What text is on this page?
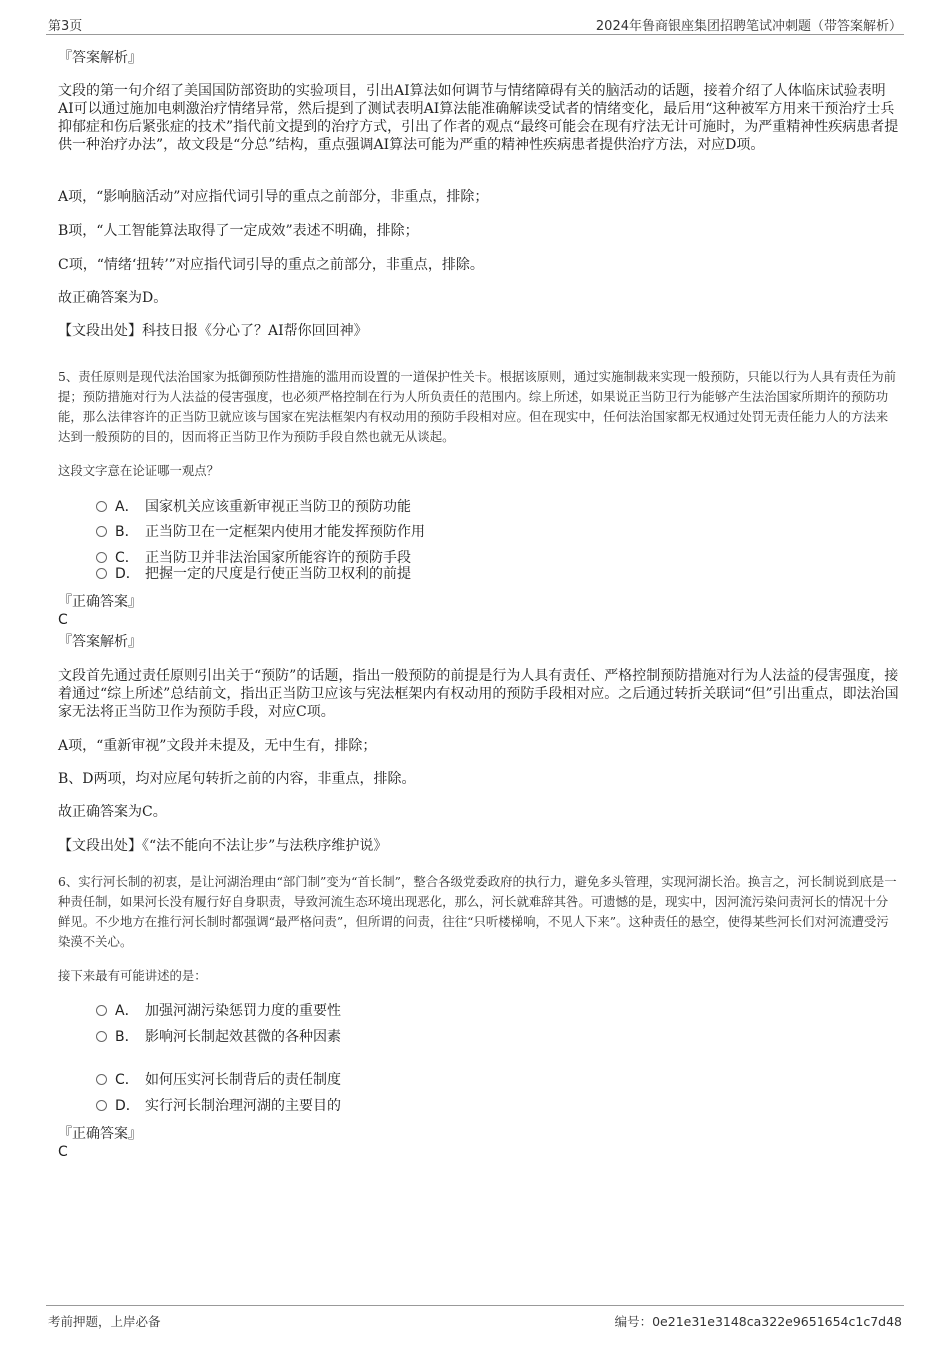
第3页	2024年鲁商银座集团招聘笔试冲刺题（带答案解析）

『答案解析』

文段的第一句介绍了美国国防部资助的实验项目，引出AI算法如何调节与情绪障碍有关的脑活动的话题，接着介绍了人体临床试验表明AI可以通过施加电刺激治疗情绪异常，然后提到了测试表明AI算法能准确解读受试者的情绪变化，最后用“这种被军方用来干预治疗士兵抑郁症和伤后紧张症的技术”指代前文提到的治疗方式，引出了作者的观点“最终可能会在现有疗法无计可施时，为严重精神性疾病患者提供一种治疗办法”，故文段是“分总”结构，重点强调AI算法可能为严重的精神性疾病患者提供治疗方法，对应D项。

A项，“影响脑活动”对应指代词引导的重点之前部分，非重点，排除；

B项，“人工智能算法取得了一定成效”表述不明确，排除；

C项，“情绪‘扭转’”对应指代词引导的重点之前部分，非重点，排除。

故正确答案为D。

【文段出处】科技日报《分心了？AI帮你回回神》

5、责任原则是现代法治国家为抵御预防性措施的滥用而设置的一道保护性关卡。根据该原则，通过实施制裁来实现一般预防，只能以行为人具有责任为前提；预防措施对行为人法益的侵害强度，也必须严格控制在行为人所负责任的范围内。综上所述，如果说正当防卫行为能够产生法治国家所期许的预防功能，那么法律容许的正当防卫就应该与国家在宪法框架内有权动用的预防手段相对应。但在现实中，任何法治国家都无权通过处罚无责任能力人的方法来达到一般预防的目的，因而将正当防卫作为预防手段自然也就无从谈起。

这段文字意在论证哪一观点？

A． 国家机关应该重新审视正当防卫的预防功能
B． 正当防卫在一定框架内使用才能发挥预防作用
C． 正当防卫并非法治国家所能容许的预防手段
D． 把握一定的尺度是行使正当防卫权利的前提

『正确答案』

C

『答案解析』

文段首先通过责任原则引出关于“预防”的话题，指出一般预防的前提是行为人具有责任、严格控制预防措施对行为人法益的侵害强度，接着通过“综上所述”总结前文，指出正当防卫应该与宪法框架内有权动用的预防手段相对应。之后通过转折关联词“但”引出重点，即法治国家无法将正当防卫作为预防手段，对应C项。

A项，“重新审视”文段并未提及，无中生有，排除；

B、D两项，均对应尾句转折之前的内容，非重点，排除。

故正确答案为C。

【文段出处】《“法不能向不法让步”与法秩序维护说》

6、实行河长制的初衷，是让河湖治理由“部门制”变为“首长制”，整合各级党委政府的执行力，避免多头管理，实现河湖长治。换言之，河长制说到底是一种责任制，如果河长没有履行好自身职责，导致河流生态环境出现恶化，那么，河长就难辞其咎。可遗憾的是，现实中，因河流污染问责河长的情况十分鲜见。不少地方在推行河长制时都强调“最严格问责”，但所谓的问责，往往“只听楼梯响，不见人下来”。这种责任的悬空，使得某些河长们对河流遭受污染漠不关心。

接下来最有可能讲述的是：

A． 加强河湖污染惩罚力度的重要性
B． 影响河长制起效甚微的各种因素
C． 如何压实河长制背后的责任制度
D． 实行河长制治理河湖的主要目的

『正确答案』

C

考前押题，上岸必备	编号：0e21e31e3148ca322e9651654c1c7d48
